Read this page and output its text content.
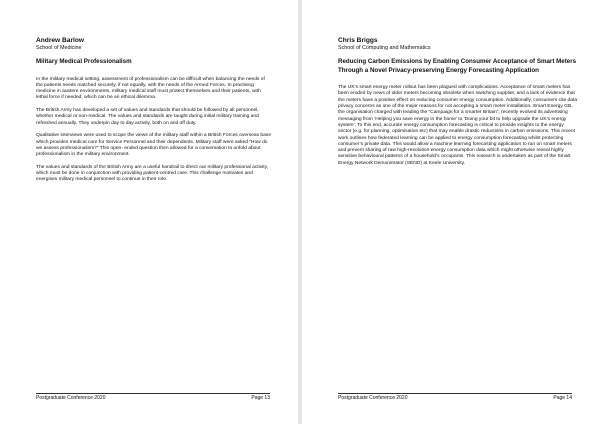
Andrew Barlow
School of Medicine
Military Medical Professionalism

In the military medical setting, assessment of professionalism can be difficult when balancing the needs of the patients needs matched securely, if not equally, with the needs of the Armed Forces. In practising medicine in austere environments, military medical staff must protect themselves and their patients, with lethal force if needed, which can be an ethical dilemma.

The British Army has developed a set of values and standards that should be followed by all personnel, whether medical or non-medical. The values and standards are taught during initial military training and refreshed annually. They underpin day to day activity, both on and off duty.

Qualitative interviews were used to scope the views of the military staff within a British Forces overseas base which provides medical care for Service Personnel and their dependents. Military staff were asked “How do we assess professionalism?” This open- ended question then allowed for a conversation to unfold about professionalism in the military environment.

The values and standards of the British Army are a useful handrail to direct our military professional activity, which must be done in conjunction with providing patient-centred care. This challenge motivates and energises military medical personnel to continue in their role.

Postgraduate Conference 2020	Page 13
Chris Briggs
School of Computing and Mathematics
Reducing Carbon Emissions by Enabling Consumer Acceptance of Smart Meters Through a Novel Privacy-preserving Energy Forecasting Application

The UK’s smart energy meter rollout has been plagued with complications. Acceptance of smart meters has been eroded by news of older meters becoming obsolete when switching supplier, and a lack of evidence that the meters have a positive effect on reducing consumer energy consumption. Additionally, consumers cite data privacy concerns as one of the major reasons for not accepting a smart meter installation. Smart Energy GB, the organisation charged with leading the “Campaign for a smarter Britain”, recently evolved its advertising messaging from ‘Helping you save energy in the home’ to ‘Doing your bit to help upgrade the UK’s energy system’. To this end, accurate energy consumption forecasting is critical to provide insights to the energy sector (e.g. for planning, optimisation etc) that may enable drastic reductions in carbon emissions. This recent work outlines how federated learning can be applied to energy consumption forecasting whilst protecting consumer’s private data. This would allow a machine learning forecasting application to run on smart meters and prevent sharing of raw high-resolution energy consumption data which might otherwise reveal highly sensitive behavioural patterns of a household’s occupants. This research is undertaken as part of the Smart Energy Network Demonstrator (SEND) at Keele University.

Postgraduate Conference 2020	Page 14
